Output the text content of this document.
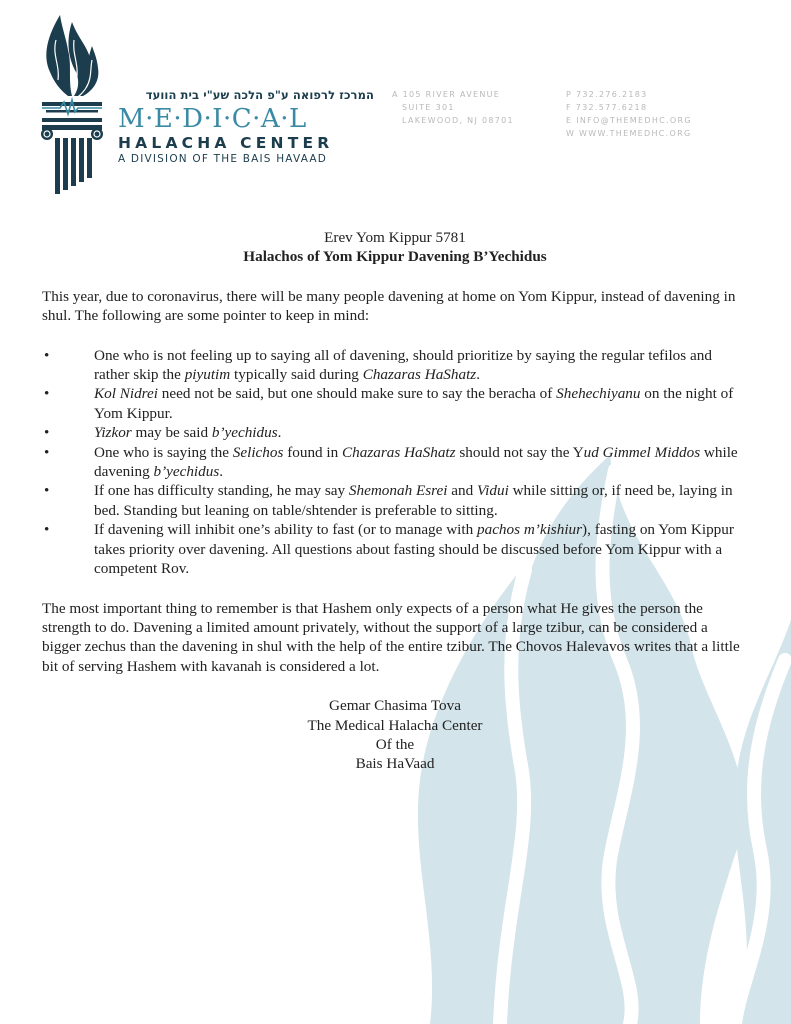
המרכז לרפואה ע"פ הלכה שע"י בית הוועד
M·E·D·I·C·A·L
HALACHA CENTER
A DIVISION OF THE BAIS HAVAAD
A 105 RIVER AVENUE
SUITE 301
LAKEWOOD, NJ 08701
P 732.276.2183
F 732.577.6218
E INFO@THEMEDHC.ORG
W WWW.THEMEDHC.ORG
Erev Yom Kippur 5781
Halachos of Yom Kippur Davening B’Yechidus

This year, due to coronavirus, there will be many people davening at home on Yom Kippur, instead of davening in shul. The following are some pointer to keep in mind:

•	One who is not feeling up to saying all of davening, should prioritize by saying the regular tefilos and rather skip the piyutim typically said during Chazaras HaShatz.
•	Kol Nidrei need not be said, but one should make sure to say the beracha of Shehechiyanu on the night of Yom Kippur.
•	Yizkor may be said b’yechidus.
•	One who is saying the Selichos found in Chazaras HaShatz should not say the Yud Gimmel Middos while davening b’yechidus.
•	If one has difficulty standing, he may say Shemonah Esrei and Vidui while sitting or, if need be, laying in bed. Standing but leaning on table/shtender is preferable to sitting.
•	If davening will inhibit one’s ability to fast (or to manage with pachos m’kishiur), fasting on Yom Kippur takes priority over davening. All questions about fasting should be discussed before Yom Kippur with a competent Rov.

The most important thing to remember is that Hashem only expects of a person what He gives the person the strength to do. Davening a limited amount privately, without the support of a large tzibur, can be considered a bigger zechus than the davening in shul with the help of the entire tzibur. The Chovos Halevavos writes that a little bit of serving Hashem with kavanah is considered a lot.

Gemar Chasima Tova
The Medical Halacha Center
Of the
Bais HaVaad
